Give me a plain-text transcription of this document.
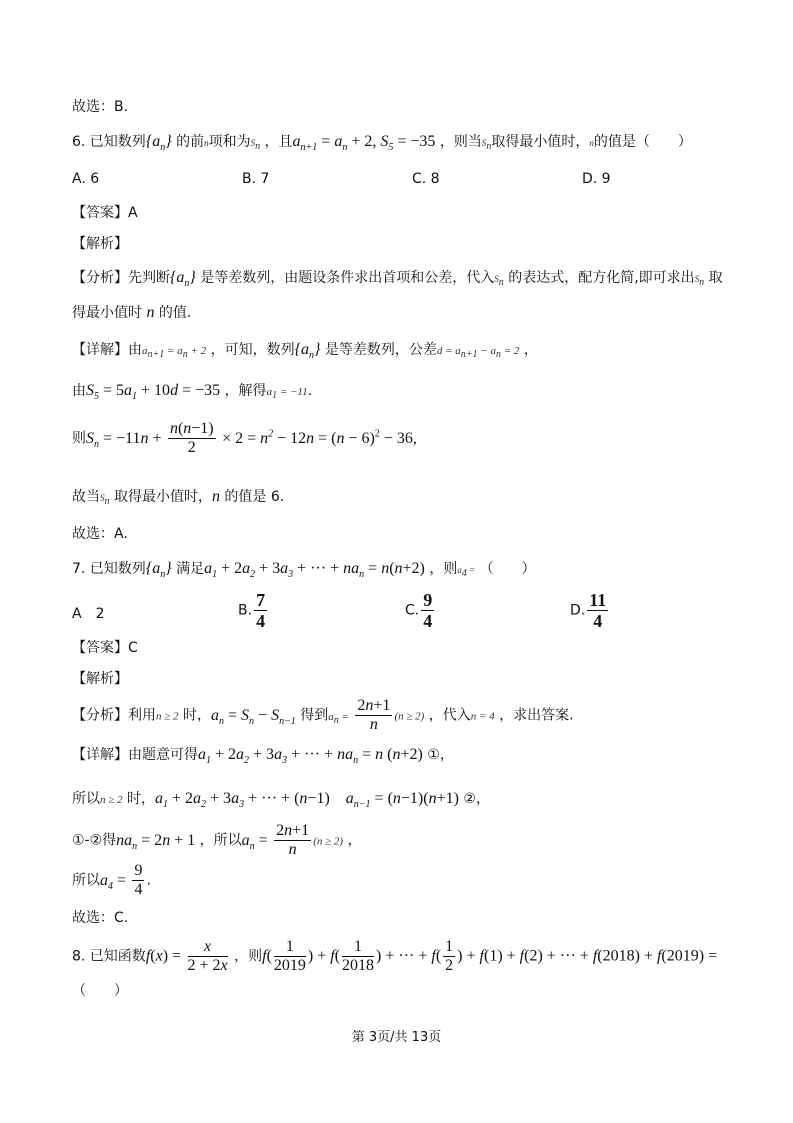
故选：B.
6. 已知数列$\{a_n\}$ 的前n项和为$S_n$ ，且$a_{n+1} = a_n + 2$, $S_5 = -35$ ，则当$S_n$取得最小值时，n的值是（　　）
A. 6	B. 7	C. 8	D. 9
【答案】A
【解析】
【分析】先判断$\{a_n\}$ 是等差数列，由题设条件求出首项和公差，代入$S_n$ 的表达式，配方化简,即可求出$S_n$ 取
得最小值时 n 的值.
【详解】由$a_{n+1} = a_n + 2$ ，可知，数列$\{a_n\}$ 是等差数列，公差$d = a_{n+1} - a_n = 2$ ，
由$S_5 = 5a_1 + 10d = -35$ ，解得$a_1 = -11$.
则$S_n = -11n + \frac{n(n-1)}{2} \times 2 = n^2 - 12n = (n - 6)^2 - 36$,
故当$S_n$ 取得最小值时，n 的值是 6.
故选：A.
7. 已知数列$\{a_n\}$ 满足$a_1 + 2a_2 + 3a_3$ + ··· + $na_n = n(n+2)$ ，则$a_4$ = （　　）
A　2	B. $\frac{7}{4}$	C. $\frac{9}{4}$	D. $\frac{11}{4}$
【答案】C
【解析】
【分析】利用n ≥ 2 时，$a_n = S_n - S_{n-1}$ 得到$a_n$ =
2n+1
n (n ≥ 2) ，代入n = 4 ，求出答案.
【详解】由题意可得$a_1 + 2a_2 + 3a_3$ + ··· + $na_n = n$ (n+2) ①，
所以n ≥ 2 时，$a_1 + 2a_2 + 3a_3$ + ··· + (n−1)　$a_{n-1} = (n-1)(n+1)$ ②，
①-②得$na_n = 2n + 1$ ，所以$a_n$ =
2n+1
n (n ≥ 2) ，
所以$a_4 = \frac{9}{4}$ .
故选：C.
8. 已知函数$f(x) = \frac{x}{2 + 2x}$ ，则$f( \frac{1}{2019}$ ) + $f( \frac{1}{2018}$ ) + ··· + $f( \frac{1}{2}$ ) + f(1) + f(2) + ··· + f(2018) + f(2019) =
（　　）
第 3页/共 13页
